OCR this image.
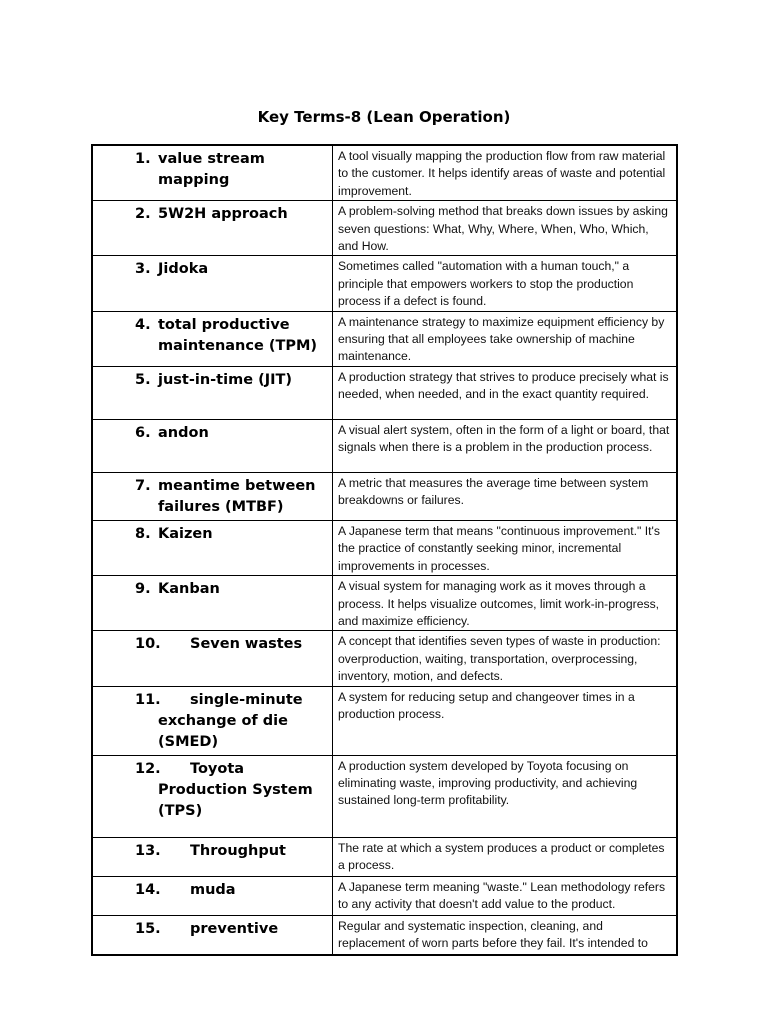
Key Terms-8 (Lean Operation)
1. value stream mapping	A tool visually mapping the production flow from raw material to the customer. It helps identify areas of waste and potential improvement.

2. 5W2H approach	A problem-solving method that breaks down issues by asking seven questions: What, Why, Where, When, Who, Which, and How.

3. Jidoka	Sometimes called "automation with a human touch," a principle that empowers workers to stop the production process if a defect is found.

4. total productive maintenance (TPM)	A maintenance strategy to maximize equipment efficiency by ensuring that all employees take ownership of machine maintenance.

5. just-in-time (JIT)	A production strategy that strives to produce precisely what is needed, when needed, and in the exact quantity required.

6. andon	A visual alert system, often in the form of a light or board, that signals when there is a problem in the production process.

7. meantime between failures (MTBF)	A metric that measures the average time between system breakdowns or failures.

8. Kaizen	A Japanese term that means "continuous improvement." It's the practice of constantly seeking minor, incremental improvements in processes.

9. Kanban	A visual system for managing work as it moves through a process. It helps visualize outcomes, limit work-in-progress, and maximize efficiency.

10. Seven wastes	A concept that identifies seven types of waste in production: overproduction, waiting, transportation, overprocessing, inventory, motion, and defects.

11. single-minute exchange of die (SMED)	A system for reducing setup and changeover times in a production process.

12. Toyota Production System (TPS)	A production system developed by Toyota focusing on eliminating waste, improving productivity, and achieving sustained long-term profitability.

13. Throughput	The rate at which a system produces a product or completes a process.

14. muda	A Japanese term meaning "waste." Lean methodology refers to any activity that doesn't add value to the product.

15. preventive	Regular and systematic inspection, cleaning, and replacement of worn parts before they fail. It's intended to
